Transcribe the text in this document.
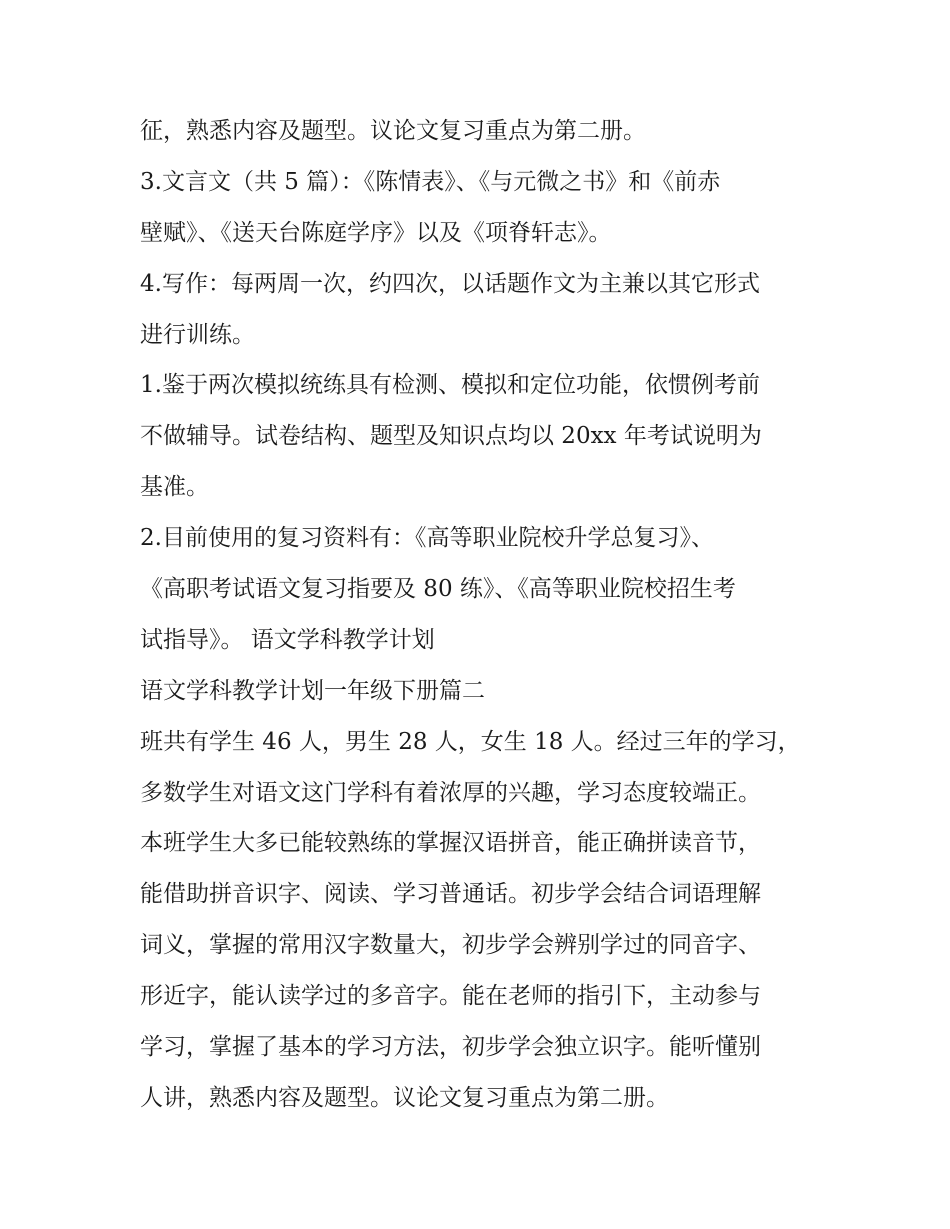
征，熟悉内容及题型。议论文复习重点为第二册。
3.文言文（共 5 篇）：《陈情表》、《与元微之书》和《前赤
壁赋》、《送天台陈庭学序》以及《项脊轩志》。
4.写作：每两周一次，约四次，以话题作文为主兼以其它形式
进行训练。
1.鉴于两次模拟统练具有检测、模拟和定位功能，依惯例考前
不做辅导。试卷结构、题型及知识点均以 20xx 年考试说明为
基准。
2.目前使用的复习资料有：《高等职业院校升学总复习》、
《高职考试语文复习指要及 80 练》、《高等职业院校招生考
试指导》。 语文学科教学计划
语文学科教学计划一年级下册篇二
班共有学生 46 人，男生 28 人，女生 18 人。经过三年的学习，
多数学生对语文这门学科有着浓厚的兴趣，学习态度较端正。
本班学生大多已能较熟练的掌握汉语拼音，能正确拼读音节，
能借助拼音识字、阅读、学习普通话。初步学会结合词语理解
词义，掌握的常用汉字数量大，初步学会辨别学过的同音字、
形近字，能认读学过的多音字。能在老师的指引下，主动参与
学习，掌握了基本的学习方法，初步学会独立识字。能听懂别
人讲，熟悉内容及题型。议论文复习重点为第二册。
